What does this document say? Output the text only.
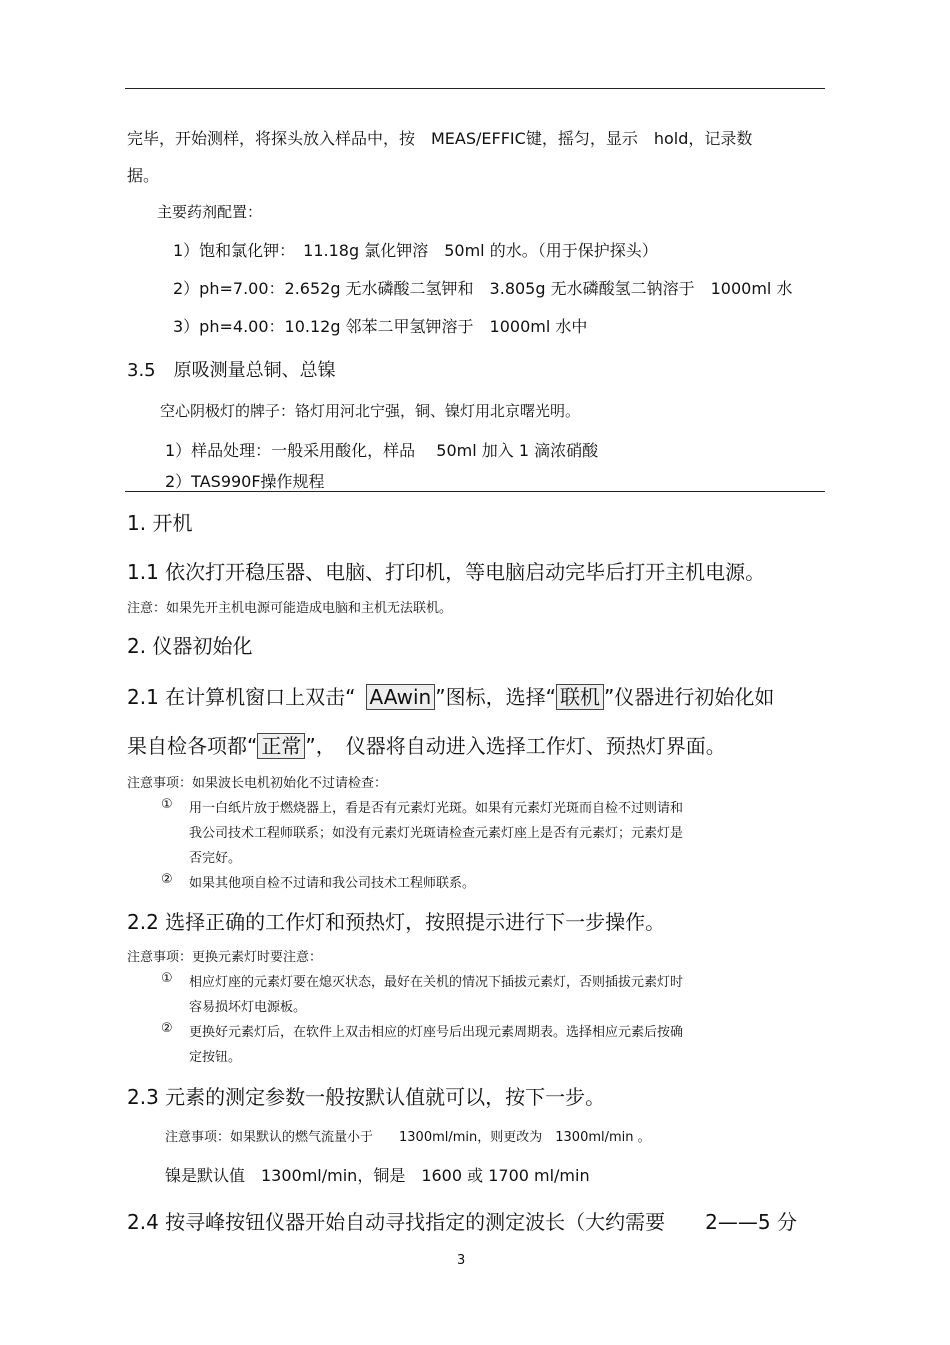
完毕，开始测样，将探头放入样品中，按　MEAS/EFFIC键，摇匀，显示　hold，记录数
据。
主要药剂配置：
1）饱和氯化钾：　11.18g 氯化钾溶　50ml 的水。（用于保护探头）
2）ph=7.00：2.652g 无水磷酸二氢钾和　3.805g 无水磷酸氢二钠溶于　1000ml 水
3）ph=4.00：10.12g 邻苯二甲氢钾溶于　1000ml 水中
3.5　原吸测量总铜、总镍
空心阴极灯的牌子：铬灯用河北宁强，铜、镍灯用北京曙光明。
1）样品处理：一般采用酸化，样品　 50ml 加入 1 滴浓硝酸
2）TAS990F操作规程
1. 开机
1.1 依次打开稳压器、电脑、打印机，等电脑启动完毕后打开主机电源。
注意：如果先开主机电源可能造成电脑和主机无法联机。
2. 仪器初始化
2.1 在计算机窗口上双击“ AAwin ”图标，选择“ 联机 ”仪器进行初始化如
果自检各项都“ 正常 ”，　仪器将自动进入选择工作灯、预热灯界面。
注意事项：如果波长电机初始化不过请检查：
① 用一白纸片放于燃烧器上，看是否有元素灯光斑。如果有元素灯光斑而自检不过则请和
我公司技术工程师联系；如没有元素灯光斑请检查元素灯座上是否有元素灯；元素灯是
否完好。
② 如果其他项自检不过请和我公司技术工程师联系。
2.2 选择正确的工作灯和预热灯，按照提示进行下一步操作。
注意事项：更换元素灯时要注意：
① 相应灯座的元素灯要在熄灭状态，最好在关机的情况下插拔元素灯，否则插拔元素灯时
容易损坏灯电源板。
② 更换好元素灯后，在软件上双击相应的灯座号后出现元素周期表。选择相应元素后按确
定按钮。
2.3 元素的测定参数一般按默认值就可以，按下一步。
注意事项：如果默认的燃气流量小于　　1300ml/min，则更改为　1300ml/min 。
镍是默认值　1300ml/min，铜是　1600 或 1700 ml/min
2.4 按寻峰按钮仪器开始自动寻找指定的测定波长（大约需要　　2——5 分
3
